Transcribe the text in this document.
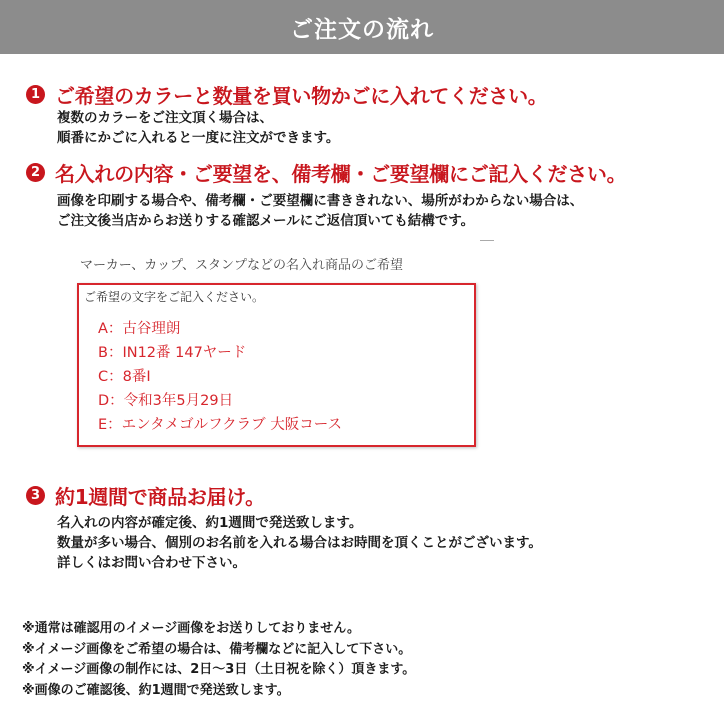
ご注文の流れ
1 ご希望のカラーと数量を買い物かごに入れてください。
複数のカラーをご注文頂く場合は、
順番にかごに入れると一度に注文ができます。
2 名入れの内容・ご要望を、備考欄・ご要望欄にご記入ください。
画像を印刷する場合や、備考欄・ご要望欄に書ききれない、場所がわからない場合は、
ご注文後当店からお送りする確認メールにご返信頂いても結構です。
マーカー、カップ、スタンプなどの名入れ商品のご希望
ご希望の文字をご記入ください。
A：古谷理朗
B：IN12番 147ヤード
C：8番I
D：令和3年5月29日
E：エンタメゴルフクラブ 大阪コース
3 約1週間で商品お届け。
名入れの内容が確定後、約1週間で発送致します。
数量が多い場合、個別のお名前を入れる場合はお時間を頂くことがございます。
詳しくはお問い合わせ下さい。
※通常は確認用のイメージ画像をお送りしておりません。
※イメージ画像をご希望の場合は、備考欄などに記入して下さい。
※イメージ画像の制作には、2日〜3日（土日祝を除く）頂きます。
※画像のご確認後、約1週間で発送致します。
